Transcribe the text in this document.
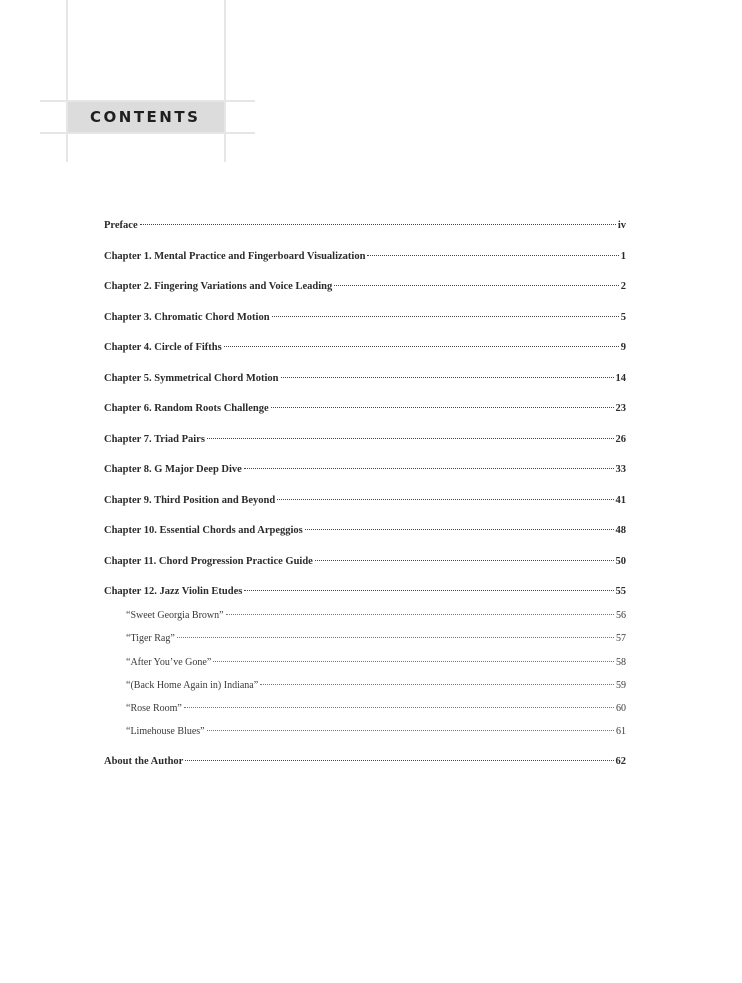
CONTENTS
Preface	iv
Chapter 1. Mental Practice and Fingerboard Visualization	1
Chapter 2. Fingering Variations and Voice Leading	2
Chapter 3. Chromatic Chord Motion	5
Chapter 4. Circle of Fifths	9
Chapter 5. Symmetrical Chord Motion	14
Chapter 6. Random Roots Challenge	23
Chapter 7. Triad Pairs	26
Chapter 8. G Major Deep Dive	33
Chapter 9. Third Position and Beyond	41
Chapter 10. Essential Chords and Arpeggios	48
Chapter 11. Chord Progression Practice Guide	50
Chapter 12. Jazz Violin Etudes	55
“Sweet Georgia Brown”	56
“Tiger Rag”	57
“After You’ve Gone”	58
“(Back Home Again in) Indiana”	59
“Rose Room”	60
“Limehouse Blues”	61
About the Author	62
